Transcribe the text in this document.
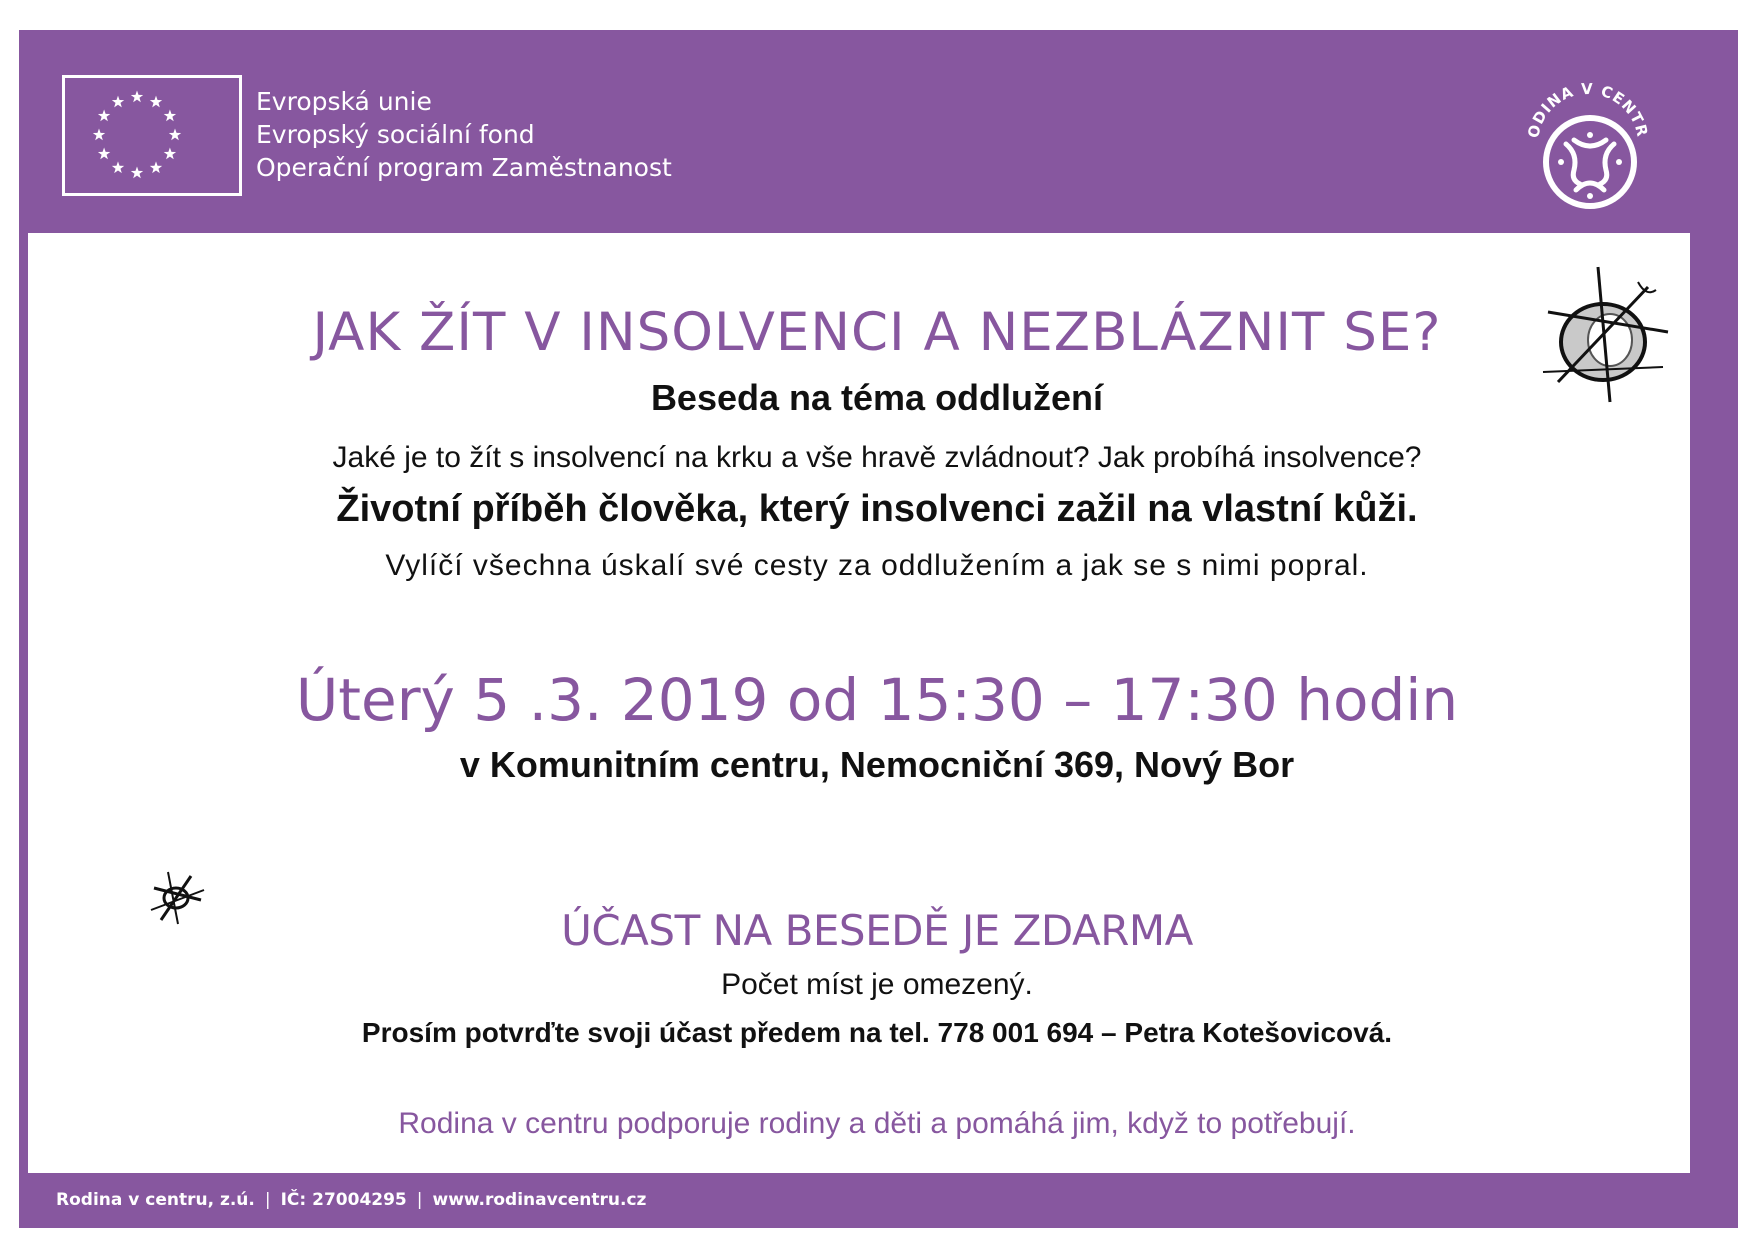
Evropská unie
Evropský sociální fond
Operační program Zaměstnanost
ODINA V CENTR
JAK ŽÍT V INSOLVENCI A NEZBLÁZNIT SE?
Beseda na téma oddlužení
Jaké je to žít s insolvencí na krku a vše hravě zvládnout? Jak probíhá insolvence?
Životní příběh člověka, který insolvenci zažil na vlastní kůži.
Vylíčí všechna úskalí své cesty za oddlužením a jak se s nimi popral.
Úterý 5 .3. 2019 od 15:30 – 17:30 hodin
v Komunitním centru, Nemocniční 369, Nový Bor
ÚČAST NA BESEDĚ JE ZDARMA
Počet míst je omezený.
Prosím potvrďte svoji účast předem na tel. 778 001 694 – Petra Kotešovicová.
Rodina v centru podporuje rodiny a děti a pomáhá jim, když to potřebují.
Rodina v centru, z.ú. | IČ: 27004295 | www.rodinavcentru.cz
